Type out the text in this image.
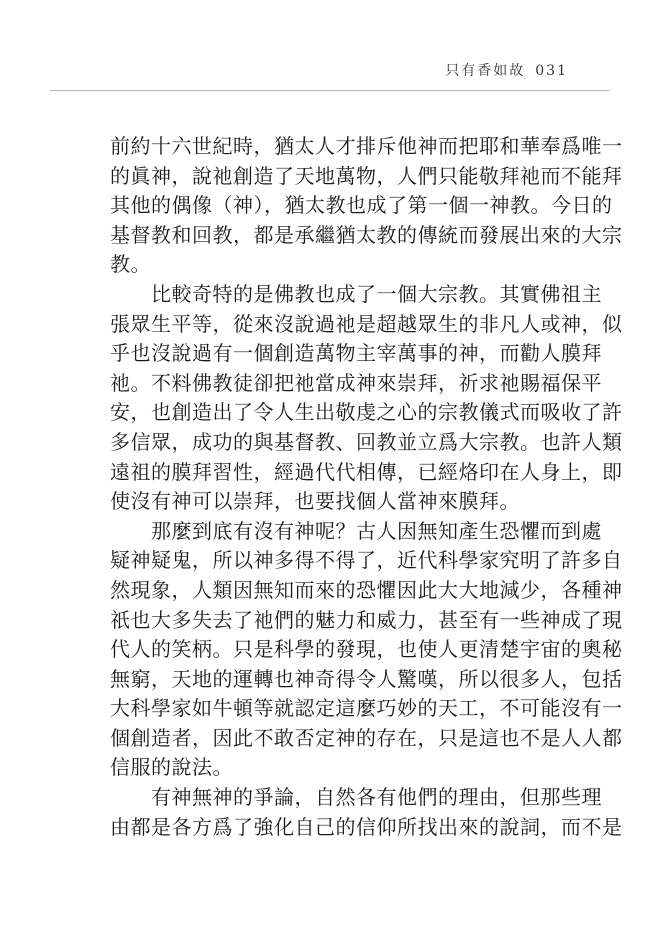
只有香如故 031
前約十六世紀時，猶太人才排斥他神而把耶和華奉爲唯一
的眞神，說祂創造了天地萬物，人們只能敬拜祂而不能拜
其他的偶像（神），猶太教也成了第一個一神教。今日的
基督教和回教，都是承繼猶太教的傳統而發展出來的大宗
教。
　　比較奇特的是佛教也成了一個大宗教。其實佛祖主
張眾生平等，從來沒說過祂是超越眾生的非凡人或神，似
乎也沒說過有一個創造萬物主宰萬事的神，而勸人膜拜
祂。不料佛教徒卻把祂當成神來崇拜，祈求祂賜福保平
安，也創造出了令人生出敬虔之心的宗教儀式而吸收了許
多信眾，成功的與基督教、回教並立爲大宗教。也許人類
遠祖的膜拜習性，經過代代相傳，已經烙印在人身上，即
使沒有神可以崇拜，也要找個人當神來膜拜。
　　那麼到底有沒有神呢？古人因無知產生恐懼而到處
疑神疑鬼，所以神多得不得了，近代科學家究明了許多自
然現象，人類因無知而來的恐懼因此大大地減少，各種神
祇也大多失去了祂們的魅力和威力，甚至有一些神成了現
代人的笑柄。只是科學的發現，也使人更清楚宇宙的奧秘
無窮，天地的運轉也神奇得令人驚嘆，所以很多人，包括
大科學家如牛頓等就認定這麼巧妙的天工，不可能沒有一
個創造者，因此不敢否定神的存在，只是這也不是人人都
信服的說法。
　　有神無神的爭論，自然各有他們的理由，但那些理
由都是各方爲了強化自己的信仰所找出來的說詞，而不是
